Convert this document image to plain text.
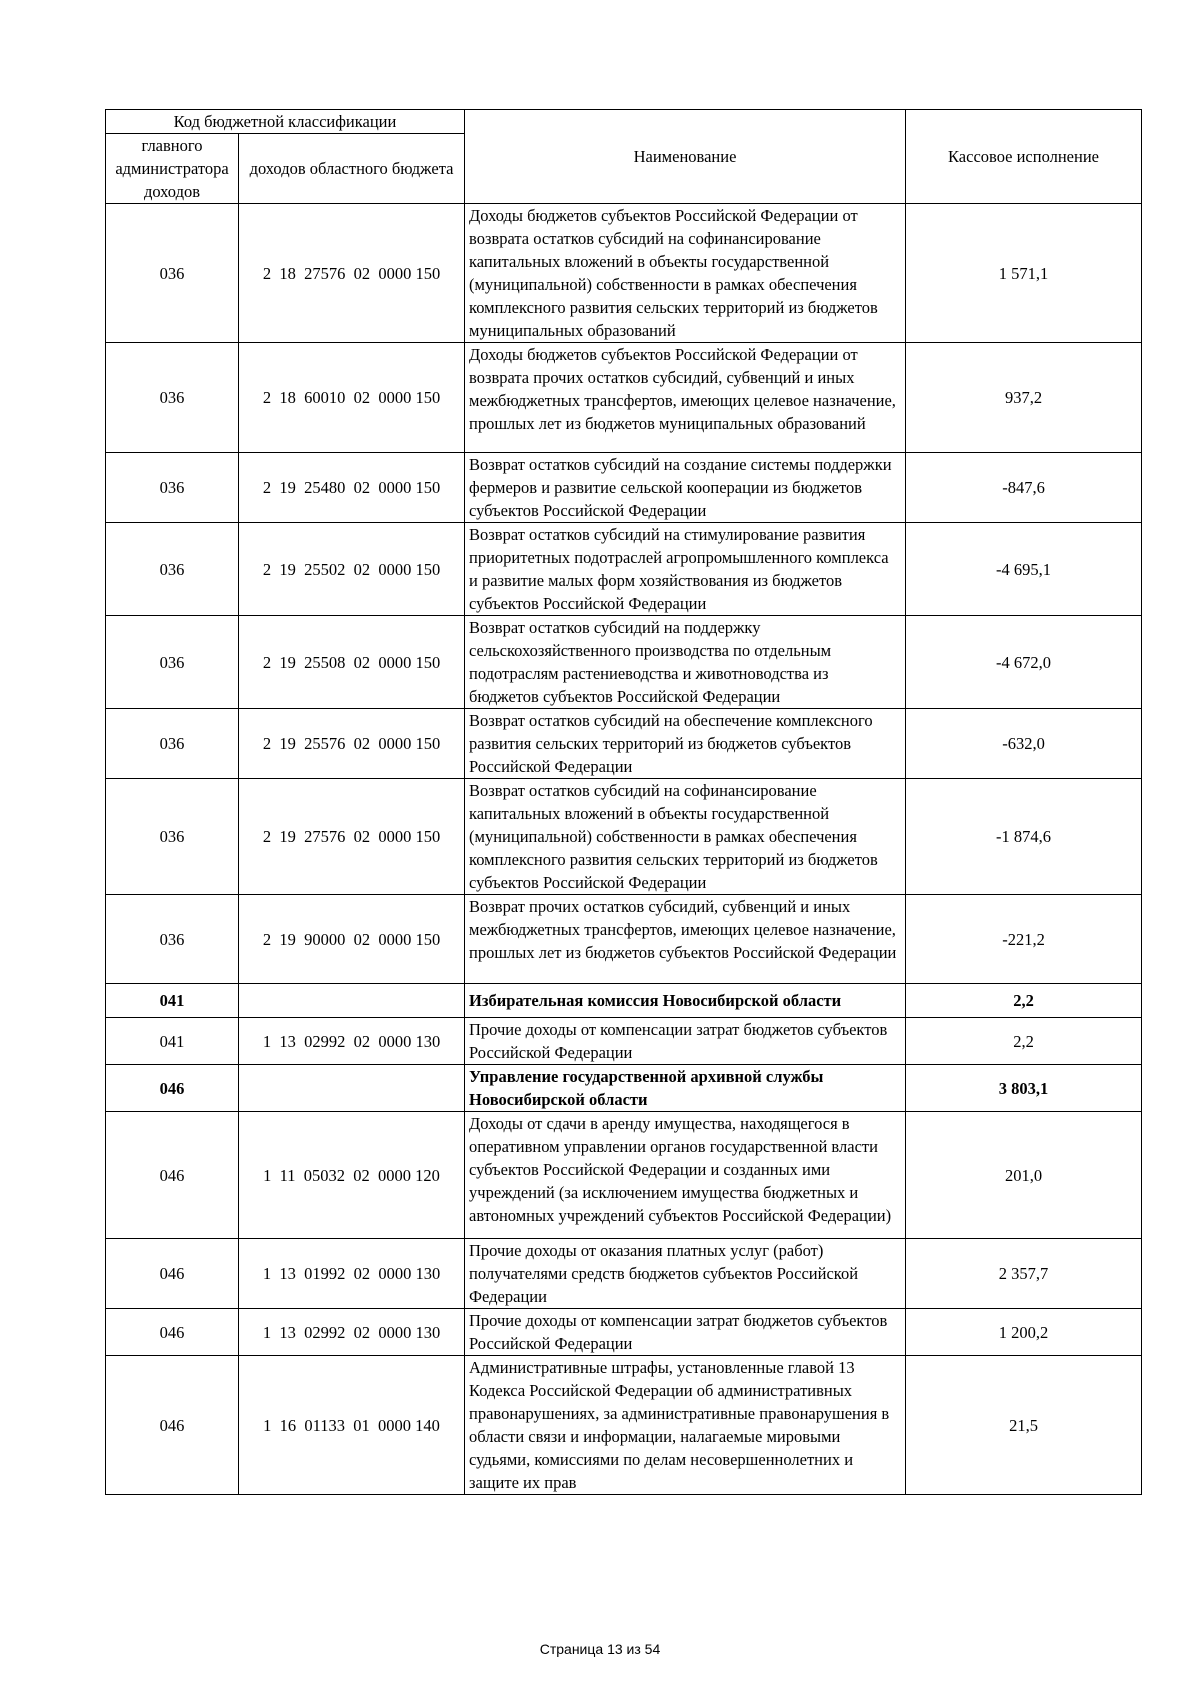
Код бюджетной классификации		Наименование	Кассовое исполнение
главного администратора доходов	доходов областного бюджета		
036	2  18  27576  02  0000 150	Доходы бюджетов субъектов Российской Федерации от возврата остатков субсидий на софинансирование капитальных вложений в объекты государственной (муниципальной) собственности в рамках обеспечения комплексного развития сельских территорий из бюджетов муниципальных образований	1 571,1
036	2  18  60010  02  0000 150	Доходы бюджетов субъектов Российской Федерации от возврата прочих остатков субсидий, субвенций и иных межбюджетных трансфертов, имеющих целевое назначение, прошлых лет из бюджетов муниципальных образований	937,2
036	2  19  25480  02  0000 150	Возврат остатков субсидий на создание системы поддержки фермеров и развитие сельской кооперации из бюджетов субъектов Российской Федерации	-847,6
036	2  19  25502  02  0000 150	Возврат остатков субсидий на стимулирование развития приоритетных подотраслей агропромышленного комплекса и развитие малых форм хозяйствования из бюджетов субъектов Российской Федерации	-4 695,1
036	2  19  25508  02  0000 150	Возврат остатков субсидий на поддержку сельскохозяйственного производства по отдельным подотраслям растениеводства и животноводства из бюджетов субъектов Российской Федерации	-4 672,0
036	2  19  25576  02  0000 150	Возврат остатков субсидий на обеспечение комплексного развития сельских территорий из бюджетов субъектов Российской Федерации	-632,0
036	2  19  27576  02  0000 150	Возврат остатков субсидий на софинансирование капитальных вложений в объекты государственной (муниципальной) собственности в рамках обеспечения комплексного развития сельских территорий из бюджетов субъектов Российской Федерации	-1 874,6
036	2  19  90000  02  0000 150	Возврат прочих остатков субсидий, субвенций и иных межбюджетных трансфертов, имеющих целевое назначение, прошлых лет из бюджетов субъектов Российской Федерации	-221,2
041		Избирательная комиссия Новосибирской области	2,2
041	1  13  02992  02  0000 130	Прочие доходы от компенсации затрат бюджетов субъектов Российской Федерации	2,2
046		Управление государственной архивной службы Новосибирской области	3 803,1
046	1  11  05032  02  0000 120	Доходы от сдачи в аренду имущества, находящегося в оперативном управлении органов государственной власти субъектов Российской Федерации и созданных ими учреждений (за исключением имущества бюджетных и автономных учреждений субъектов Российской Федерации)	201,0
046	1  13  01992  02  0000 130	Прочие доходы от оказания платных услуг (работ) получателями средств бюджетов субъектов Российской Федерации	2 357,7
046	1  13  02992  02  0000 130	Прочие доходы от компенсации затрат бюджетов субъектов Российской Федерации	1 200,2
046	1  16  01133  01  0000 140	Административные штрафы, установленные главой 13 Кодекса Российской Федерации об административных правонарушениях, за административные правонарушения в области связи и информации, налагаемые мировыми судьями, комиссиями по делам несовершеннолетних и защите их прав	21,5
Страница 13 из 54
